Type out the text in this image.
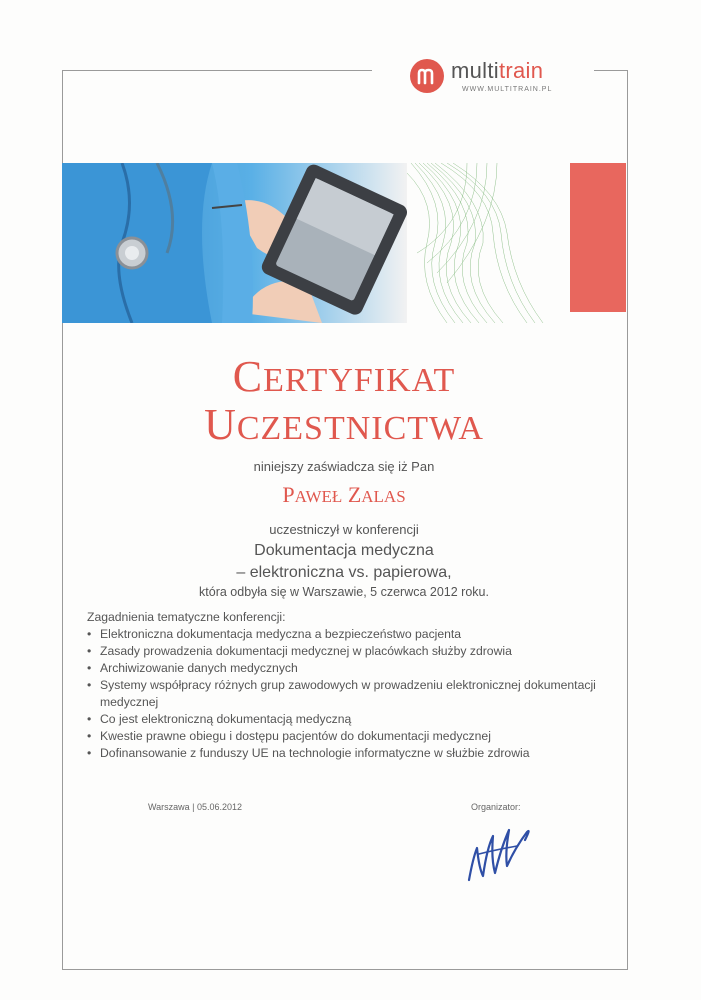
multitrain
WWW.MULTITRAIN.PL
CERTYFIKAT
UCZESTNICTWA
niniejszy zaświadcza się iż Pan
PAWEŁ ZALAS
uczestniczył w konferencji
Dokumentacja medyczna
– elektroniczna vs. papierowa,
która odbyła się w Warszawie, 5 czerwca 2012 roku.
Zagadnienia tematyczne konferencji:
• Elektroniczna dokumentacja medyczna a bezpieczeństwo pacjenta
• Zasady prowadzenia dokumentacji medycznej w placówkach służby zdrowia
• Archiwizowanie danych medycznych
• Systemy współpracy różnych grup zawodowych w prowadzeniu elektronicznej dokumentacji medycznej
• Co jest elektroniczną dokumentacją medyczną
• Kwestie prawne obiegu i dostępu pacjentów do dokumentacji medycznej
• Dofinansowanie z funduszy UE na technologie informatyczne w służbie zdrowia
Warszawa | 05.06.2012	Organizator:
